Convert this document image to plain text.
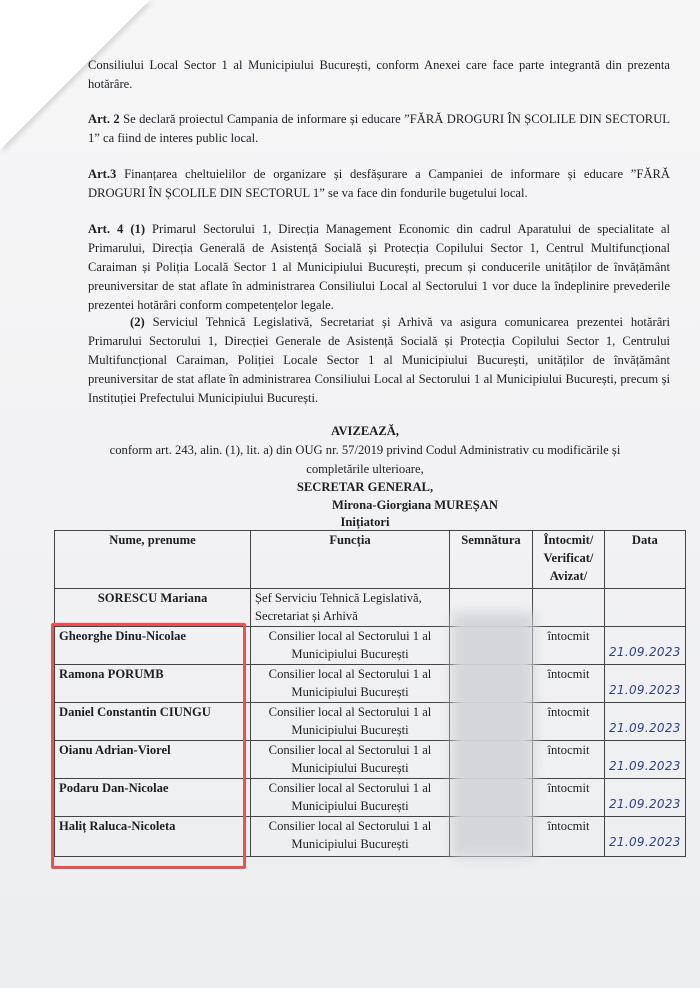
Consiliului Local Sector 1 al Municipiului București, conform Anexei care face parte integrantă din prezenta hotărâre.

Art. 2 Se declară proiectul Campania de informare și educare ”FĂRĂ DROGURI ÎN ȘCOLILE DIN SECTORUL 1” ca fiind de interes public local.

Art.3 Finanțarea cheltuielilor de organizare și desfășurare a Campaniei de informare și educare ”FĂRĂ DROGURI ÎN ȘCOLILE DIN SECTORUL 1” se va face din fondurile bugetului local.

Art. 4 (1) Primarul Sectorului 1, Direcția Management Economic din cadrul Aparatului de specialitate al Primarului, Direcția Generală de Asistență Socială și Protecția Copilului Sector 1, Centrul Multifuncțional Caraiman și Poliția Locală Sector 1 al Municipiului București, precum și conducerile unităților de învățământ preuniversitar de stat aflate în administrarea Consiliului Local al Sectorului 1 vor duce la îndeplinire prevederile prezentei hotărâri conform competențelor legale.

(2) Serviciul Tehnică Legislativă, Secretariat și Arhivă va asigura comunicarea prezentei hotărâri Primarului Sectorului 1, Direcției Generale de Asistență Socială și Protecția Copilului Sector 1, Centrului Multifuncțional Caraiman, Poliției Locale Sector 1 al Municipiului București, unităților de învățământ preuniversitar de stat aflate în administrarea Consiliului Local al Sectorului 1 al Municipiului București, precum și Instituției Prefectului Municipiului București.

AVIZEAZĂ,

conform art. 243, alin. (1), lit. a) din OUG nr. 57/2019 privind Codul Administrativ cu modificările și

completările ulterioare,

SECRETAR GENERAL,

Mirona-Giorgiana MUREȘAN

Inițiatori

Nume, prenume	Funcția	Semnătura	Întocmit/ Verificat/ Avizat/	Data
SORESCU Mariana	Șef Serviciu Tehnică Legislativă, Secretariat și Arhivă			
Gheorghe Dinu-Nicolae	Consilier local al Sectorului 1 al Municipiului București		întocmit	21.09.2023

Ramona PORUMB	Consilier local al Sectorului 1 al Municipiului București		întocmit	21.09.2023

Daniel Constantin CIUNGU	Consilier local al Sectorului 1 al Municipiului București		întocmit	21.09.2023

Oianu Adrian-Viorel	Consilier local al Sectorului 1 al Municipiului București		întocmit	21.09.2023

Podaru Dan-Nicolae	Consilier local al Sectorului 1 al Municipiului București		întocmit	21.09.2023

Haliț Raluca-Nicoleta	Consilier local al Sectorului 1 al Municipiului București		întocmit	21.09.2023
